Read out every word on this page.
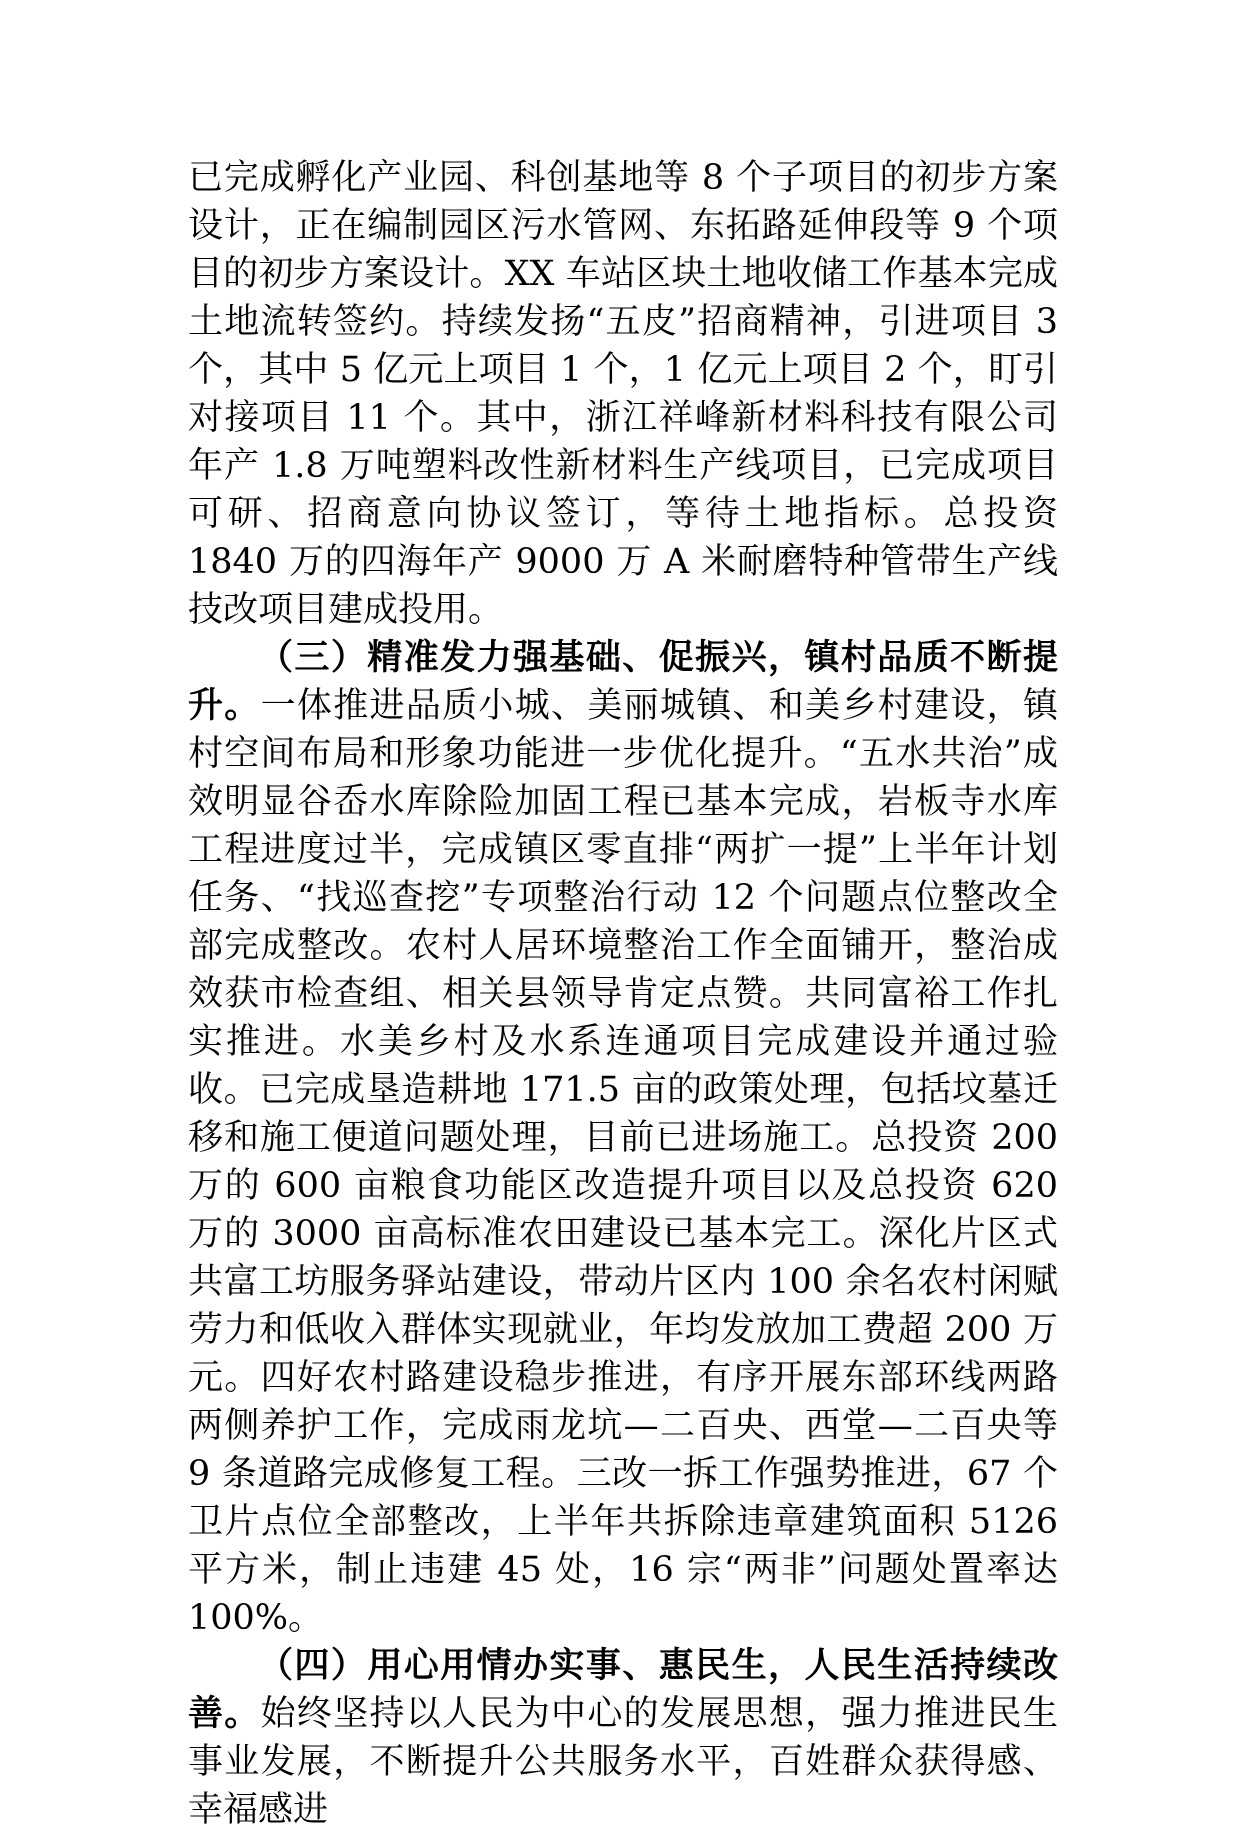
已完成孵化产业园、科创基地等 8 个子项目的初步方案设计，正在编制园区污水管网、东拓路延伸段等 9 个项目的初步方案设计。XX 车站区块土地收储工作基本完成土地流转签约。持续发扬“五皮”招商精神，引进项目 3 个，其中 5 亿元上项目 1 个，1 亿元上项目 2 个，盯引对接项目 11 个。其中，浙江祥峰新材料科技有限公司年产 1.8 万吨塑料改性新材料生产线项目，已完成项目可研、招商意向协议签订，等待土地指标。总投资 1840 万的四海年产 9000 万 A 米耐磨特种管带生产线技改项目建成投用。

（三）精准发力强基础、促振兴，镇村品质不断提升。一体推进品质小城、美丽城镇、和美乡村建设，镇村空间布局和形象功能进一步优化提升。“五水共治”成效明显谷岙水库除险加固工程已基本完成，岩板寺水库工程进度过半，完成镇区零直排“两扩一提”上半年计划任务、“找巡查挖”专项整治行动 12 个问题点位整改全部完成整改。农村人居环境整治工作全面铺开，整治成效获市检查组、相关县领导肯定点赞。共同富裕工作扎实推进。水美乡村及水系连通项目完成建设并通过验收。已完成垦造耕地 171.5 亩的政策处理，包括坟墓迁移和施工便道问题处理，目前已进场施工。总投资 200 万的 600 亩粮食功能区改造提升项目以及总投资 620 万的 3000 亩高标准农田建设已基本完工。深化片区式共富工坊服务驿站建设，带动片区内 100 余名农村闲赋劳力和低收入群体实现就业，年均发放加工费超 200 万元。四好农村路建设稳步推进，有序开展东部环线两路两侧养护工作，完成雨龙坑—二百央、西堂—二百央等 9 条道路完成修复工程。三改一拆工作强势推进，67 个卫片点位全部整改，上半年共拆除违章建筑面积 5126 平方米，制止违建 45 处，16 宗“两非”问题处置率达 100%。

（四）用心用情办实事、惠民生，人民生活持续改善。始终坚持以人民为中心的发展思想，强力推进民生事业发展，不断提升公共服务水平，百姓群众获得感、幸福感进
